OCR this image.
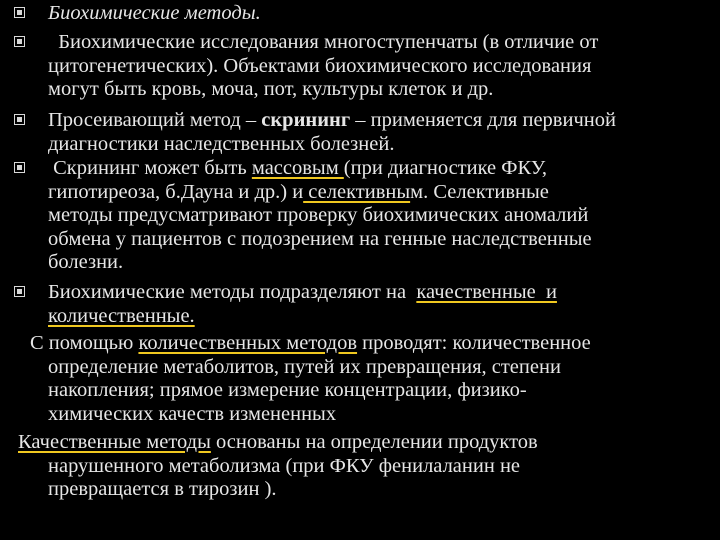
Биохимические методы.
Биохимические исследования многоступенчаты (в отличие от
цитогенетических). Объектами биохимического исследования
могут быть кровь, моча, пот, культуры клеток и др.
Просеивающий метод – скрининг – применяется для первичной
диагностики наследственных болезней.
Скрининг может быть массовым (при диагностике ФКУ,
гипотиреоза, б.Дауна и др.) и селективным. Селективные
методы предусматривают проверку биохимических аномалий
обмена у пациентов с подозрением на генные наследственные
болезни.
Биохимические методы подразделяют на  качественные  и
количественные.
С помощью количественных методов проводят: количественное
определение метаболитов, путей их превращения, степени
накопления; прямое измерение концентрации, физико-
химических качеств измененных
Качественные методы основаны на определении продуктов
нарушенного метаболизма (при ФКУ фенилаланин не
превращается в тирозин ).
